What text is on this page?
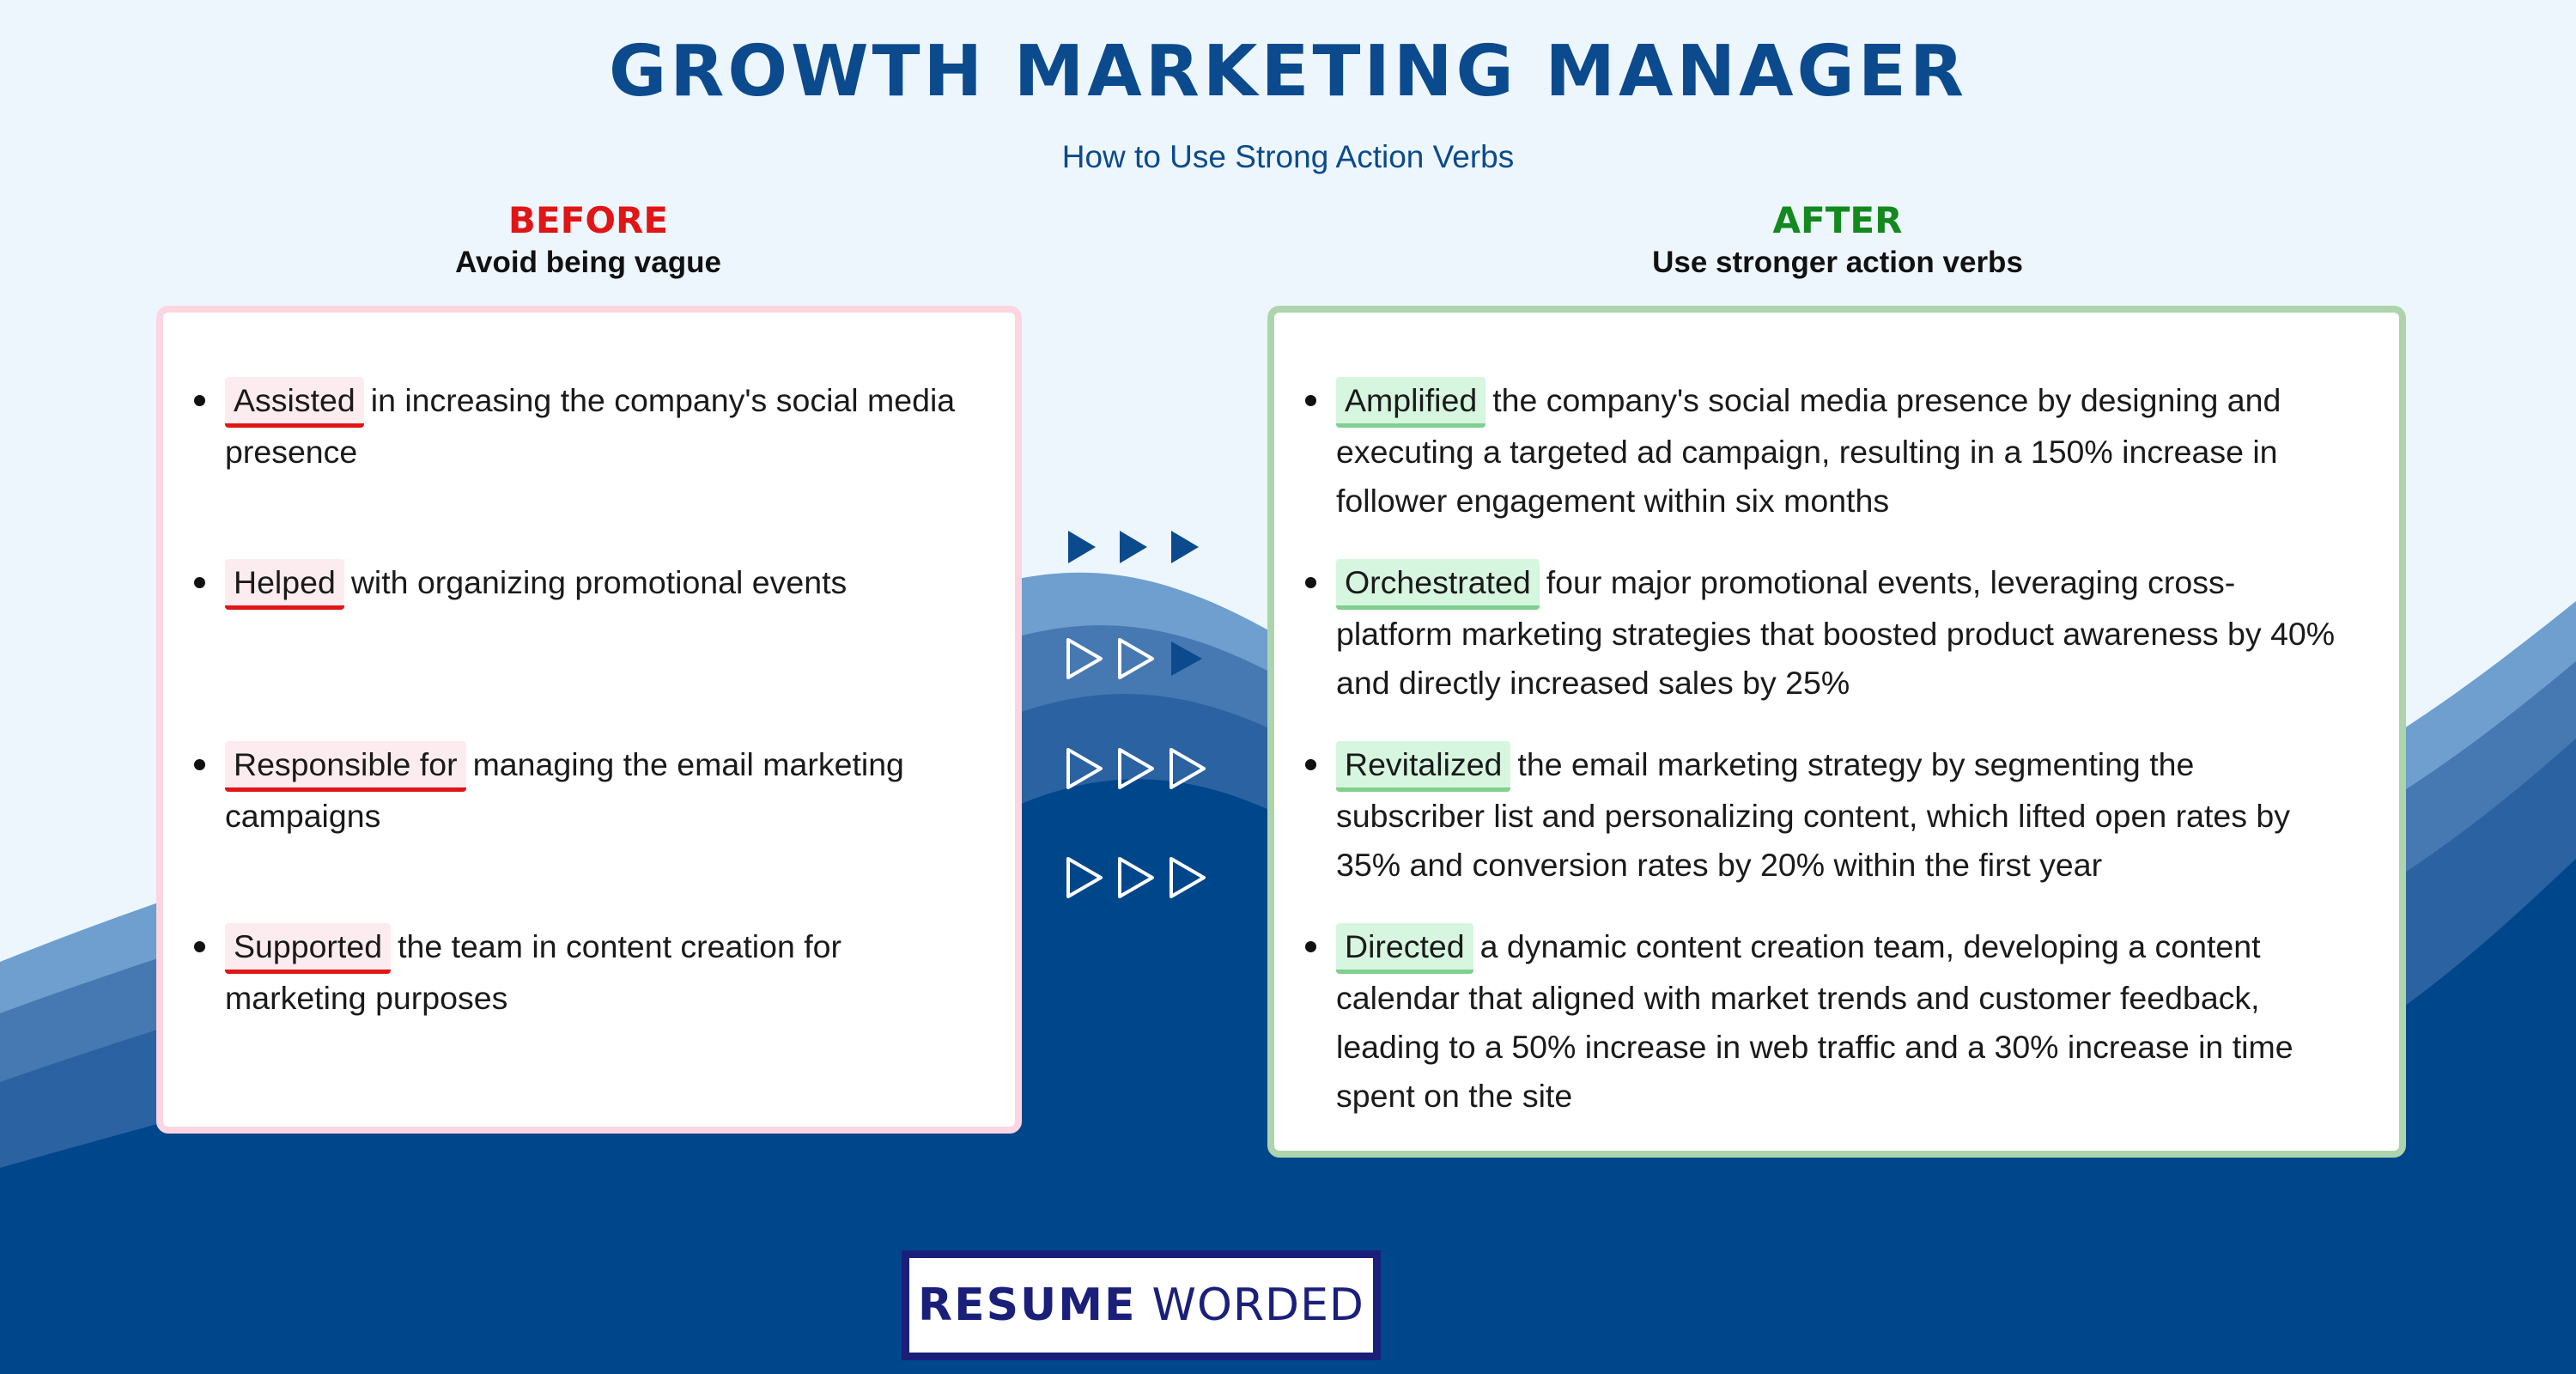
GROWTH MARKETING MANAGER
How to Use Strong Action Verbs
BEFORE
Avoid being vague
AFTER
Use stronger action verbs
Assisted in increasing the company's social media presence
Helped with organizing promotional events
Responsible for managing the email marketing campaigns
Supported the team in content creation for marketing purposes
Amplified the company's social media presence by designing and executing a targeted ad campaign, resulting in a 150% increase in follower engagement within six months
Orchestrated four major promotional events, leveraging cross-platform marketing strategies that boosted product awareness by 40% and directly increased sales by 25%
Revitalized the email marketing strategy by segmenting the subscriber list and personalizing content, which lifted open rates by 35% and conversion rates by 20% within the first year
Directed a dynamic content creation team, developing a content calendar that aligned with market trends and customer feedback, leading to a 50% increase in web traffic and a 30% increase in time spent on the site
RESUME WORDED
